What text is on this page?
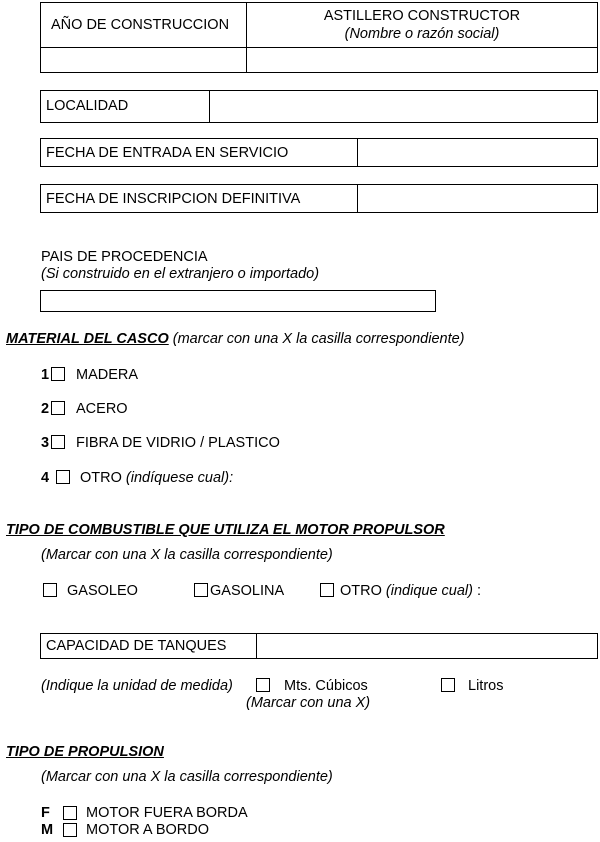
AÑO DE CONSTRUCCION
ASTILLERO CONSTRUCTOR
(Nombre o razón social)
LOCALIDAD
FECHA DE ENTRADA EN SERVICIO
FECHA DE INSCRIPCION DEFINITIVA
PAIS DE PROCEDENCIA
(Si construido en el extranjero o importado)
MATERIAL DEL CASCO (marcar con una X la casilla correspondiente)
1 MADERA
2 ACERO
3 FIBRA DE VIDRIO / PLASTICO
4 OTRO (indíquese cual):
TIPO DE COMBUSTIBLE QUE UTILIZA EL MOTOR PROPULSOR
(Marcar con una X la casilla correspondiente)
GASOLEO	GASOLINA	OTRO (indique cual) :
CAPACIDAD DE TANQUES
(Indique la unidad de medida)	Mts. Cúbicos	Litros
(Marcar con una X)
TIPO DE PROPULSION
(Marcar con una X la casilla correspondiente)
F MOTOR FUERA BORDA
M MOTOR A BORDO
